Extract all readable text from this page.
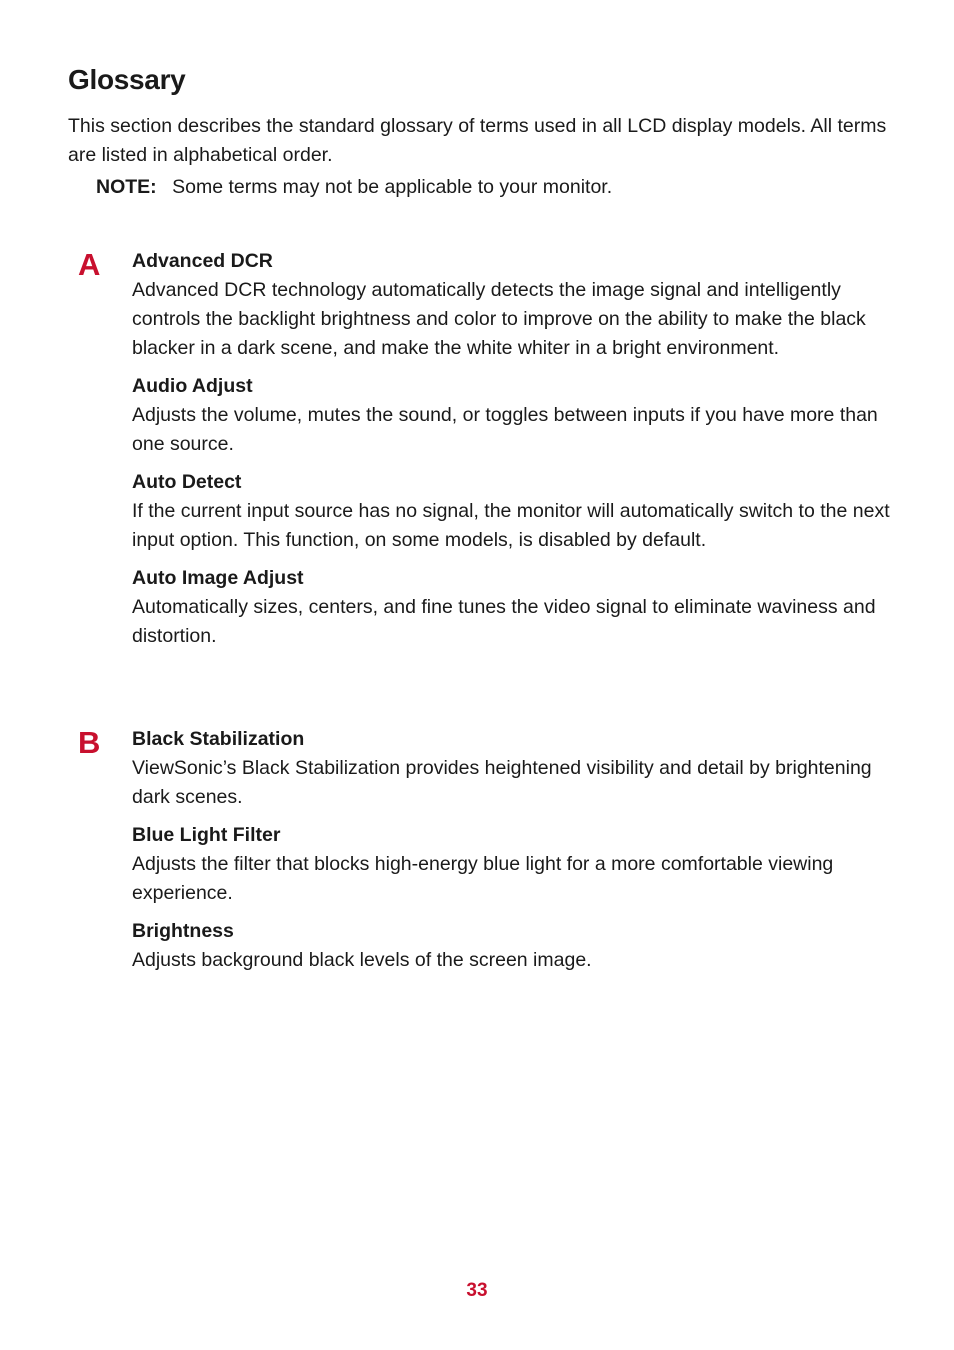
Glossary

This section describes the standard glossary of terms used in all LCD display models. All terms are listed in alphabetical order.

NOTE: Some terms may not be applicable to your monitor.

A Advanced DCR
Advanced DCR technology automatically detects the image signal and intelligently controls the backlight brightness and color to improve on the ability to make the black blacker in a dark scene, and make the white whiter in a bright environment.
Audio Adjust
Adjusts the volume, mutes the sound, or toggles between inputs if you have more than one source.
Auto Detect
If the current input source has no signal, the monitor will automatically switch to the next input option. This function, on some models, is disabled by default.
Auto Image Adjust
Automatically sizes, centers, and fine tunes the video signal to eliminate waviness and distortion.
B Black Stabilization
ViewSonic’s Black Stabilization provides heightened visibility and detail by brightening dark scenes.
Blue Light Filter
Adjusts the filter that blocks high-energy blue light for a more comfortable viewing experience.
Brightness
Adjusts background black levels of the screen image.
33
